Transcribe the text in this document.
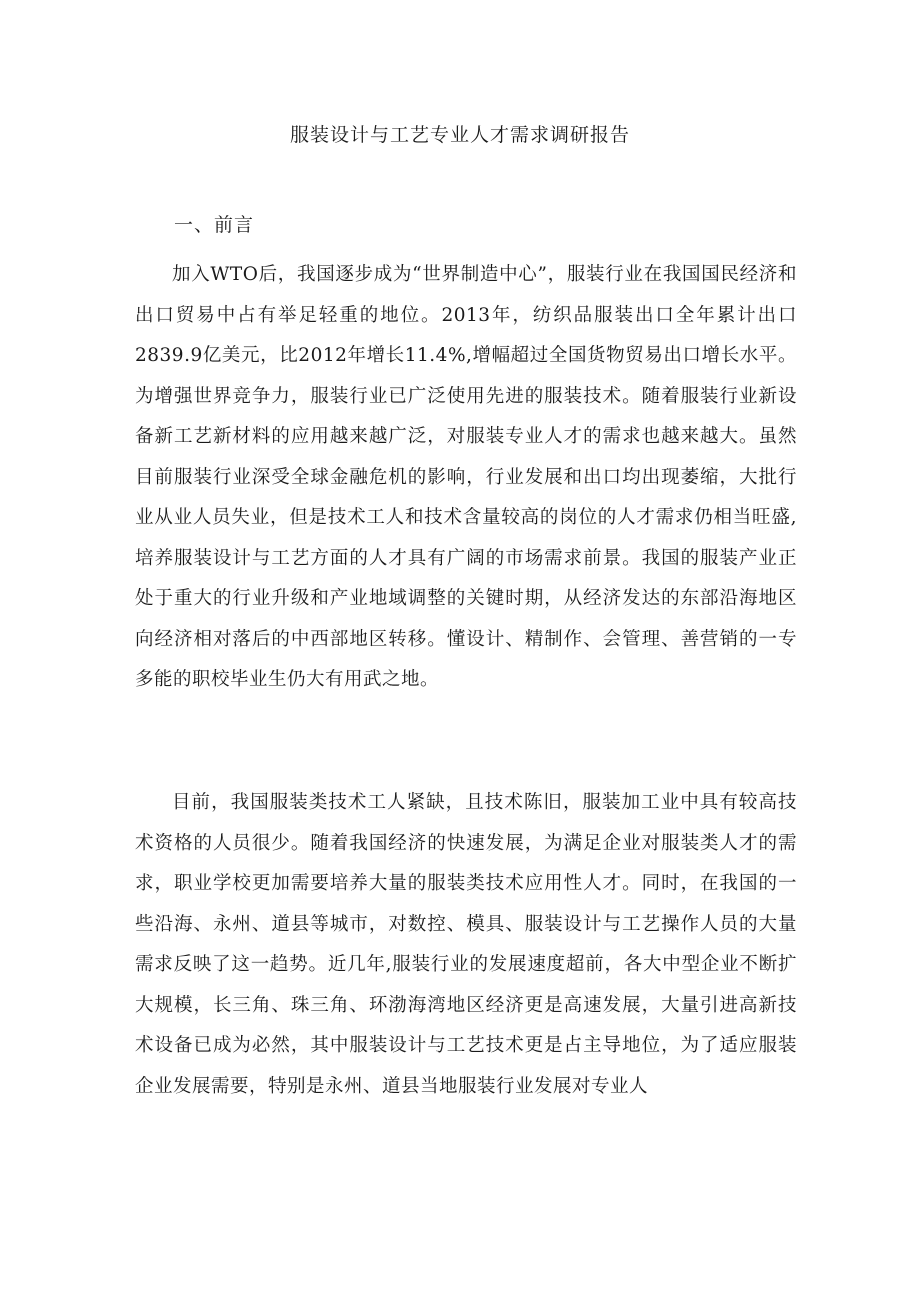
服装设计与工艺专业人才需求调研报告
一、前言

加入WTO后，我国逐步成为“世界制造中心”，服装行业在我国国民经济和出口贸易中占有举足轻重的地位。2013年，纺织品服装出口全年累计出口2839.9亿美元，比2012年增长11.4%,增幅超过全国货物贸易出口增长水平。为增强世界竞争力，服装行业已广泛使用先进的服装技术。随着服装行业新设备新工艺新材料的应用越来越广泛，对服装专业人才的需求也越来越大。虽然目前服装行业深受全球金融危机的影响，行业发展和出口均出现萎缩，大批行业从业人员失业，但是技术工人和技术含量较高的岗位的人才需求仍相当旺盛,培养服装设计与工艺方面的人才具有广阔的市场需求前景。我国的服装产业正处于重大的行业升级和产业地域调整的关键时期，从经济发达的东部沿海地区向经济相对落后的中西部地区转移。懂设计、精制作、会管理、善营销的一专多能的职校毕业生仍大有用武之地。

目前，我国服装类技术工人紧缺，且技术陈旧，服装加工业中具有较高技术资格的人员很少。随着我国经济的快速发展，为满足企业对服装类人才的需求，职业学校更加需要培养大量的服装类技术应用性人才。同时，在我国的一些沿海、永州、道县等城市，对数控、模具、服装设计与工艺操作人员的大量需求反映了这一趋势。近几年,服装行业的发展速度超前，各大中型企业不断扩大规模，长三角、珠三角、环渤海湾地区经济更是高速发展，大量引进高新技术设备已成为必然，其中服装设计与工艺技术更是占主导地位，为了适应服装企业发展需要，特别是永州、道县当地服装行业发展对专业人
